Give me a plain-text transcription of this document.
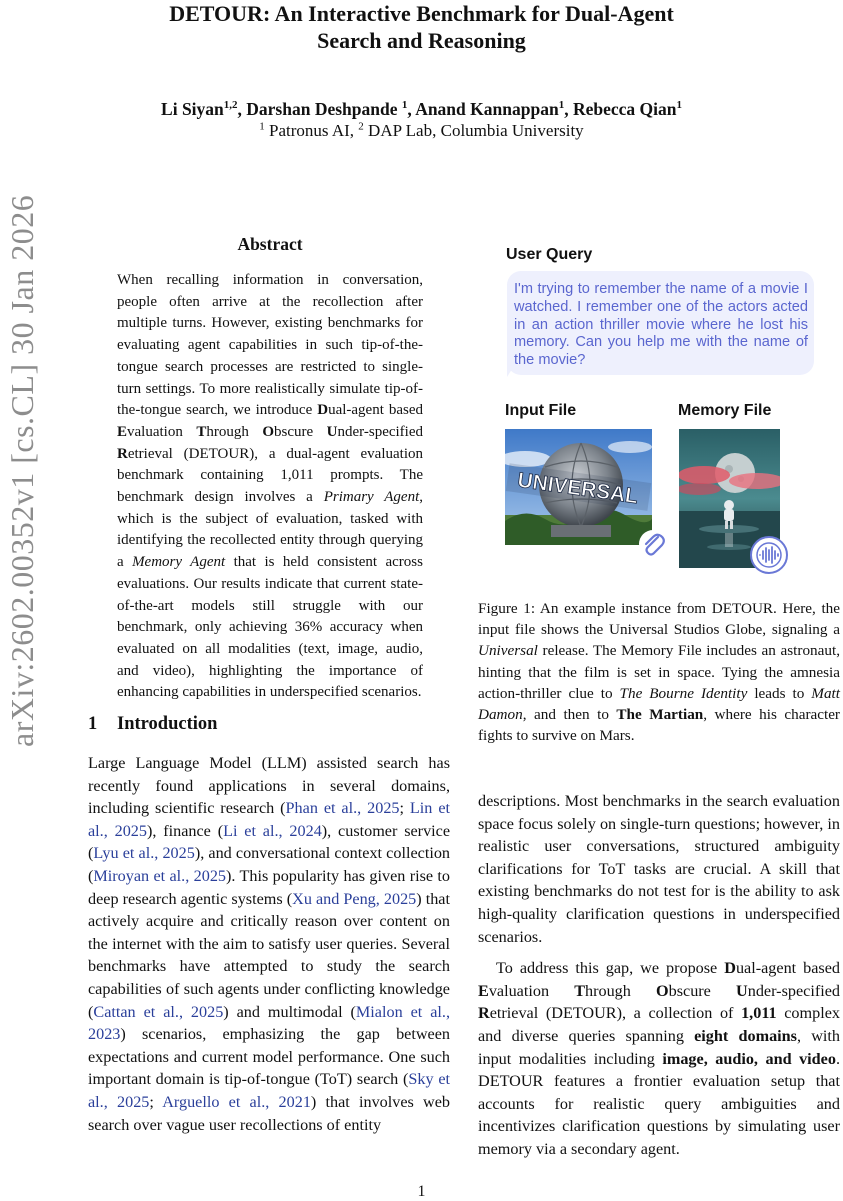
DETOUR: An Interactive Benchmark for Dual-Agent
Search and Reasoning
Li Siyan$^{1,2}$, Darshan Deshpande $^1$, Anand Kannappan$^1$, Rebecca Qian$^1$
$^1$ Patronus AI, $^2$ DAP Lab, Columbia University
arXiv:2602.00352v1 [cs.CL] 30 Jan 2026	Abstract
When recalling information in conversation, people often arrive at the recollection after multiple turns. However, existing benchmarks for evaluating agent capabilities in such tip-of-the-tongue search processes are restricted to single-turn settings. To more realistically simulate tip-of-the-tongue search, we introduce Dual-agent based Evaluation Through Obscure Under-specified Retrieval (DETOUR), a dual-agent evaluation benchmark containing 1,011 prompts. The benchmark design involves a Primary Agent, which is the subject of evaluation, tasked with identifying the recollected entity through querying a Memory Agent that is held consistent across evaluations. Our results indicate that current state-of-the-art models still struggle with our benchmark, only achieving 36% accuracy when evaluated on all modalities (text, image, audio, and video), highlighting the importance of enhancing capabilities in underspecified scenarios.
1 Introduction
Large Language Model (LLM) assisted search has recently found applications in several domains, including scientific research (Phan et al., 2025; Lin et al., 2025), finance (Li et al., 2024), customer service (Lyu et al., 2025), and conversational context collection (Miroyan et al., 2025). This popularity has given rise to deep research agentic systems (Xu and Peng, 2025) that actively acquire and critically reason over content on the internet with the aim to satisfy user queries. Several benchmarks have attempted to study the search capabilities of such agents under conflicting knowledge (Cattan et al., 2025) and multimodal (Mialon et al., 2023) scenarios, emphasizing the gap between expectations and current model performance. One such important domain is tip-of-tongue (ToT) search (Sky et al., 2025; Arguello et al., 2021) that involves web search over vague user recollections of entity
User Query
I'm trying to remember the name of a movie I watched. I remember one of the actors acted in an action thriller movie where he lost his memory. Can you help me with the name of the movie?
Input File	Memory File
UNIVERSAL
Figure 1: An example instance from DETOUR. Here, the input file shows the Universal Studios Globe, signaling a Universal release. The Memory File includes an astronaut, hinting that the film is set in space. Tying the amnesia action-thriller clue to The Bourne Identity leads to Matt Damon, and then to The Martian, where his character fights to survive on Mars.

descriptions. Most benchmarks in the search evaluation space focus solely on single-turn questions; however, in realistic user conversations, structured ambiguity clarifications for ToT tasks are crucial. A skill that existing benchmarks do not test for is the ability to ask high-quality clarification questions in underspecified scenarios.

To address this gap, we propose Dual-agent based Evaluation Through Obscure Under-specified Retrieval (DETOUR), a collection of 1,011 complex and diverse queries spanning eight domains, with input modalities including image, audio, and video. DETOUR features a frontier evaluation setup that accounts for realistic query ambiguities and incentivizes clarification questions by simulating user memory via a secondary agent.

1
